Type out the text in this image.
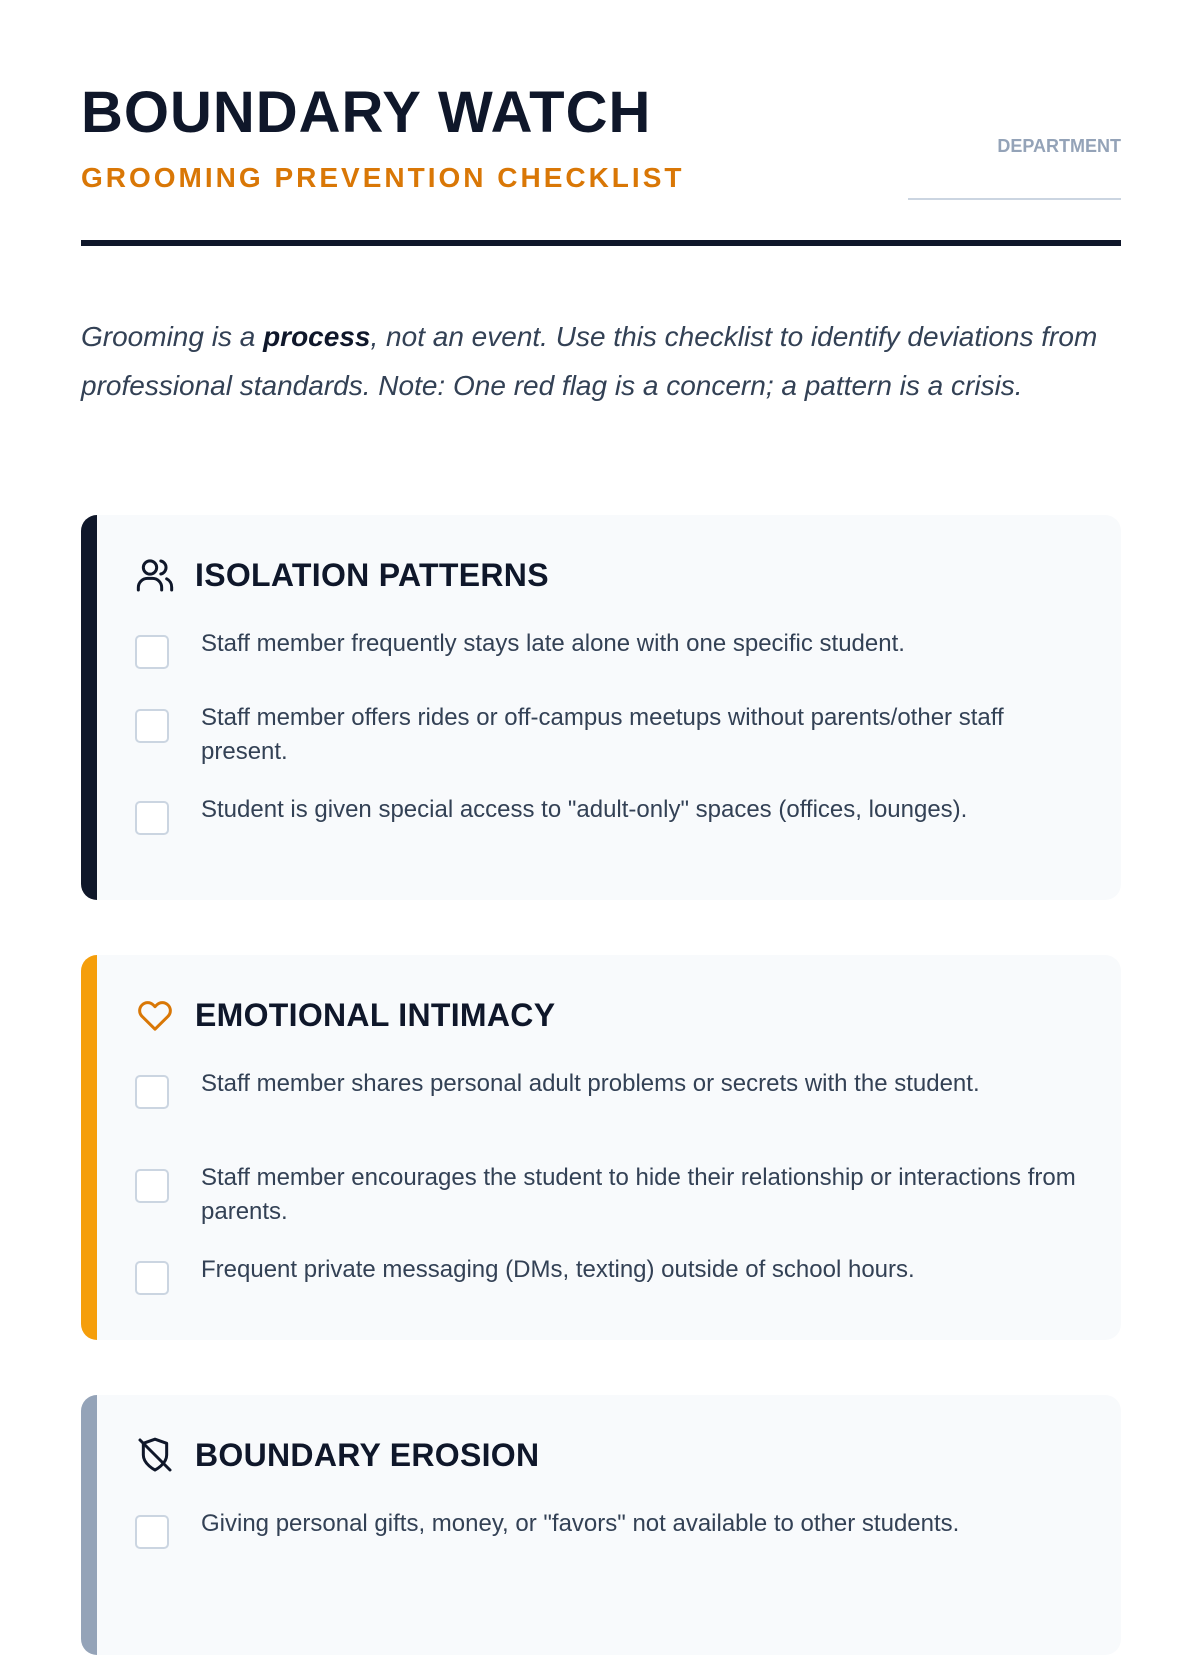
BOUNDARY WATCH
GROOMING PREVENTION CHECKLIST
DEPARTMENT

Grooming is a process, not an event. Use this checklist to identify deviations from professional standards. Note: One red flag is a concern; a pattern is a crisis.

ISOLATION PATTERNS
Staff member frequently stays late alone with one specific student.
Staff member offers rides or off-campus meetups without parents/other staff present.
Student is given special access to "adult-only" spaces (offices, lounges).
EMOTIONAL INTIMACY
Staff member shares personal adult problems or secrets with the student.
Staff member encourages the student to hide their relationship or interactions from parents.
Frequent private messaging (DMs, texting) outside of school hours.
BOUNDARY EROSION
Giving personal gifts, money, or "favors" not available to other students.
